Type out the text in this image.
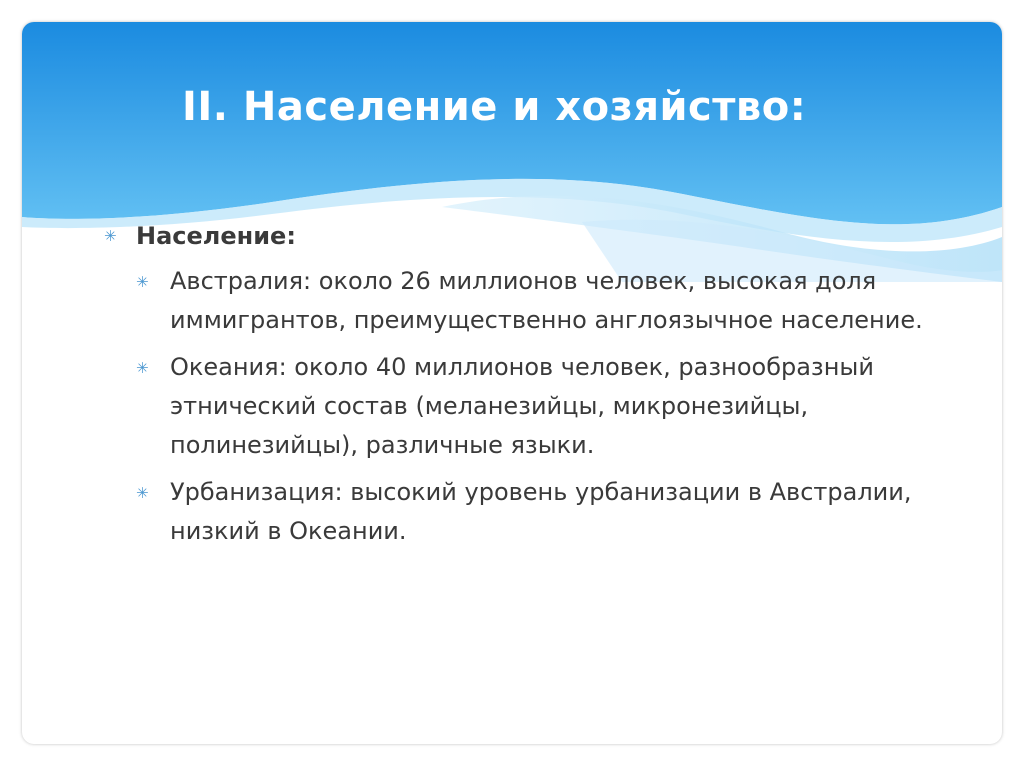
II. Население и хозяйство:
✳ Население:
✳ Австралия: около 26 миллионов человек, высокая доля иммигрантов, преимущественно англоязычное население.
✳ Океания: около 40 миллионов человек, разнообразный этнический состав (меланезийцы, микронезийцы, полинезийцы), различные языки.
✳ Урбанизация: высокий уровень урбанизации в Австралии, низкий в Океании.
